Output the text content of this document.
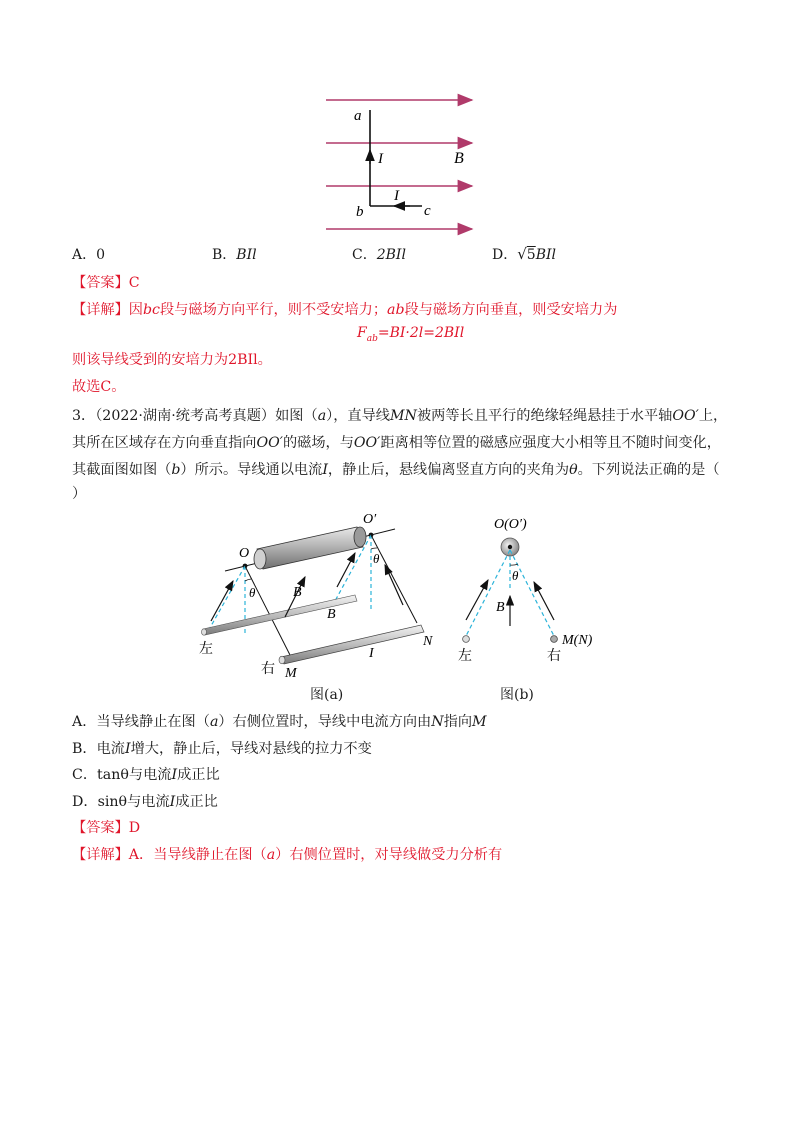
a
b	c
I
I
B
A．0	B．BIl	C．2BIl	D．√5BIl
【答案】C
【详解】因bc段与磁场方向平行，则不受安培力；ab段与磁场方向垂直，则受安培力为
$F_{ab}=BI\cdot 2l=2BIl$
则该导线受到的安培力为2BIl。
故选C。
3．（2022·湖南·统考高考真题）如图（a），直导线MN被两等长且平行的绝缘轻绳悬挂于水平轴OO′上，
其所在区域存在方向垂直指向OO′的磁场，与OO′距离相等位置的磁感应强度大小相等且不随时间变化，
其截面图如图（b）所示。导线通以电流I，静止后，悬线偏离竖直方向的夹角为θ。下列说法正确的是（
）
O
O′
θ
θ
B
B
N
M
I
左
右
图(a)
O(O′)
θ
B
M(N)
左	右
图(b)
A．当导线静止在图（a）右侧位置时，导线中电流方向由N指向M
B．电流I增大，静止后，导线对悬线的拉力不变
C．tanθ与电流I成正比
D．sinθ与电流I成正比
【答案】D
【详解】A．当导线静止在图（a）右侧位置时，对导线做受力分析有
